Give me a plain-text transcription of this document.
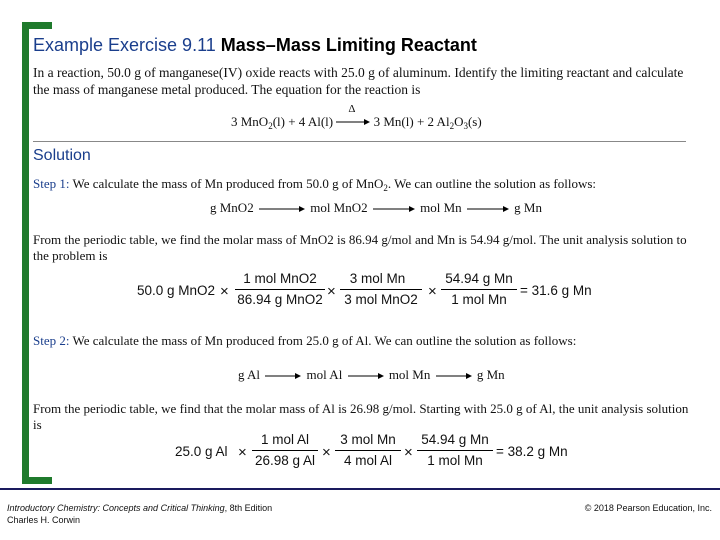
Example Exercise 9.11 Mass–Mass Limiting Reactant
In a reaction, 50.0 g of manganese(IV) oxide reacts with 25.0 g of aluminum. Identify the limiting reactant and calculate the mass of manganese metal produced. The equation for the reaction is
3 MnO$_2$(l) + 4 Al(l)
Δ
3 Mn(l) + 2 $Al_2O_3(s)$
Solution
Step 1: We calculate the mass of Mn produced from 50.0 g of MnO$_2$. We can outline the solution as follows:
g MnO2	mol MnO2	mol Mn	g Mn
From the periodic table, we find the molar mass of MnO2 is 86.94 g/mol and Mn is 54.94 g/mol. The unit analysis solution to the problem is
50.0 g MnO2 ×
1 mol MnO2
86.94 g MnO2 ×
3 mol Mn
3 mol MnO2 ×
54.94 g Mn
1 mol Mn
= 31.6 g Mn
Step 2: We calculate the mass of Mn produced from 25.0 g of Al. We can outline the solution as follows:
g Al	mol Al	mol Mn	g Mn
From the periodic table, we find that the molar mass of Al is 26.98 g/mol. Starting with 25.0 g of Al, the unit analysis solution is
25.0 g Al ×
1 mol Al
26.98 g Al ×
3 mol Mn
4 mol Al ×
54.94 g Mn
1 mol Mn
= 38.2 g Mn
Introductory Chemistry: Concepts and Critical Thinking, 8th Edition
Charles H. Corwin
© 2018 Pearson Education, Inc.
